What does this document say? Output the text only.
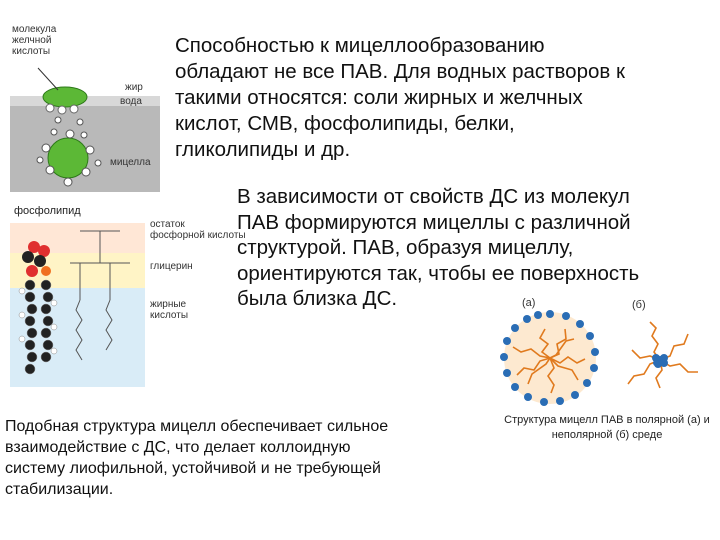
молекула
желчной
кислоты
жир
вода
мицелла
фосфолипид
остаток
фосфорной кислоты
глицерин
жирные
кислоты
Способностью к мицеллообразованию
обладают не все ПАВ. Для водных растворов к
такими относятся: соли жирных и желчных
кислот, СМВ, фосфолипиды, белки,
гликолипиды и др.
В зависимости от свойств ДС из молекул
ПАВ формируются мицеллы с различной
структурой. ПАВ, образуя мицеллу,
ориентируются так, чтобы ее поверхность
была близка ДС.	(а)	(б)
Структура мицелл ПАВ в полярной (а) и
неполярной (б) среде
Подобная структура мицелл обеспечивает сильное
взаимодействие с ДС, что делает коллоидную
систему лиофильной, устойчивой и не требующей
стабилизации.
